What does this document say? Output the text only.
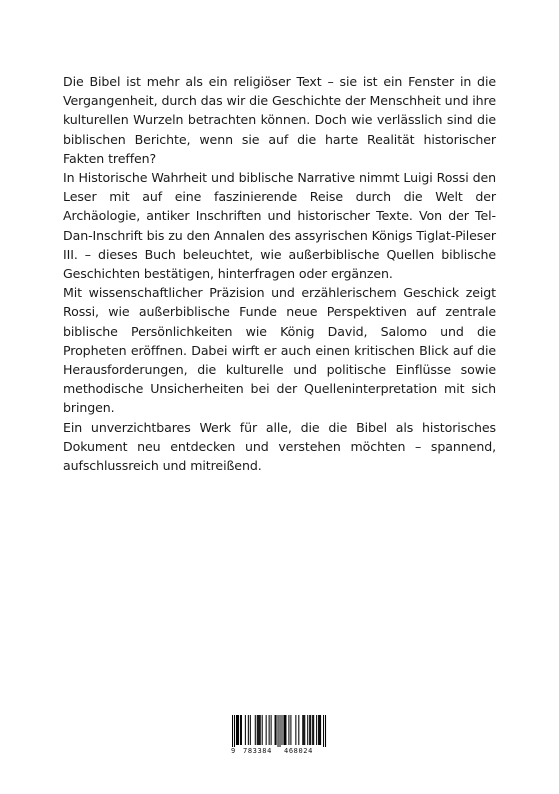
Die Bibel ist mehr als ein religiöser Text – sie ist ein Fenster in die Vergangenheit, durch das wir die Geschichte der Menschheit und ihre kulturellen Wurzeln betrachten können. Doch wie verlässlich sind die biblischen Berichte, wenn sie auf die harte Realität historischer Fakten treffen?

In Historische Wahrheit und biblische Narrative nimmt Luigi Rossi den Leser mit auf eine faszinierende Reise durch die Welt der Archäologie, antiker Inschriften und historischer Texte. Von der Tel-Dan-Inschrift bis zu den Annalen des assyrischen Königs Tiglat-Pileser III. – dieses Buch beleuchtet, wie außerbiblische Quellen biblische Geschichten bestätigen, hinterfragen oder ergänzen.

Mit wissenschaftlicher Präzision und erzählerischem Geschick zeigt Rossi, wie außerbiblische Funde neue Perspektiven auf zentrale biblische Persönlichkeiten wie König David, Salomo und die Propheten eröffnen. Dabei wirft er auch einen kritischen Blick auf die Herausforderungen, die kulturelle und politische Einflüsse sowie methodische Unsicherheiten bei der Quelleninterpretation mit sich bringen.

Ein unverzichtbares Werk für alle, die die Bibel als historisches Dokument neu entdecken und verstehen möchten – spannend, aufschlussreich und mitreißend.

9 783384 468024
